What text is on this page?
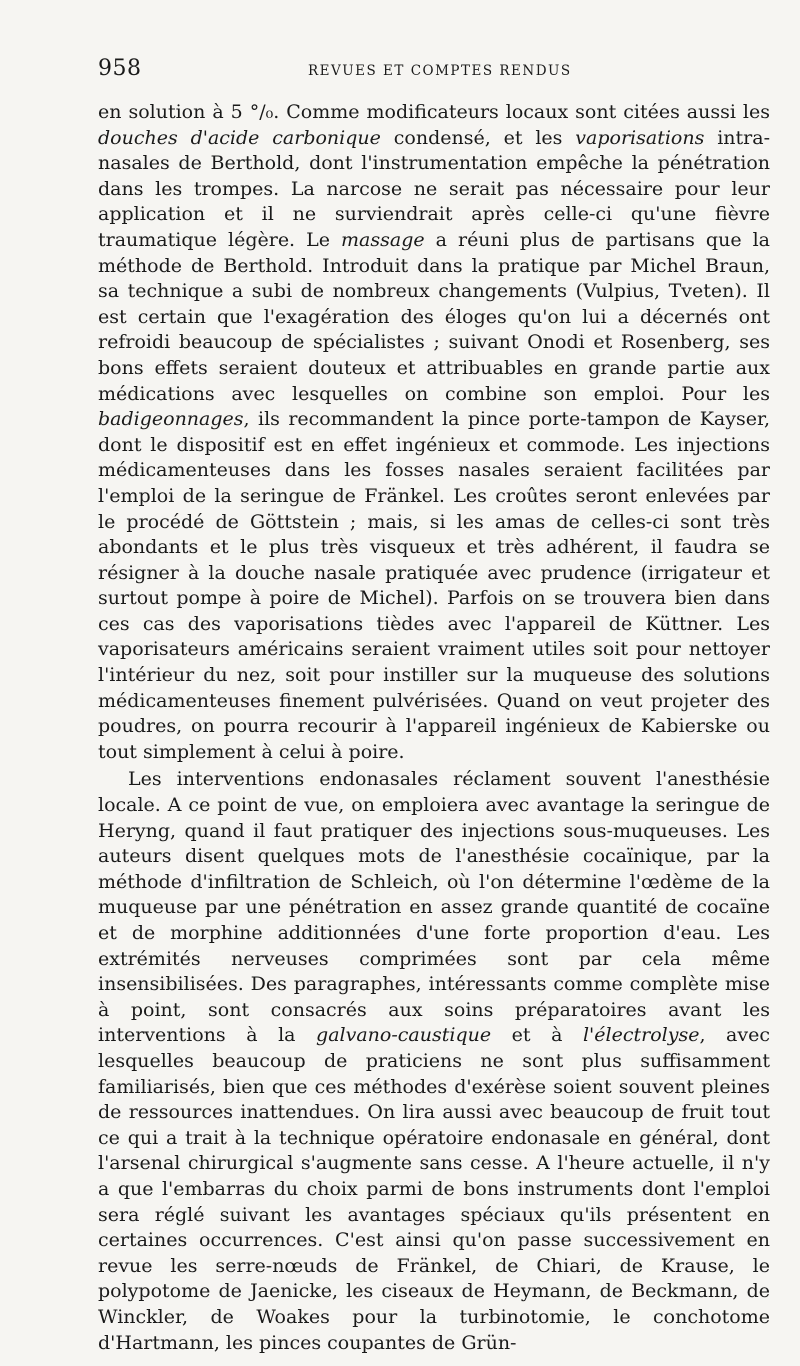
958	REVUES ET COMPTES RENDUS

en solution à 5 °/₀. Comme modificateurs locaux sont citées aussi les douches d'acide carbonique condensé, et les vaporisations intra-nasales de Berthold, dont l'instrumentation empêche la pénétration dans les trompes. La narcose ne serait pas nécessaire pour leur application et il ne surviendrait après celle-ci qu'une fièvre traumatique légère. Le massage a réuni plus de partisans que la méthode de Berthold. Introduit dans la pratique par Michel Braun, sa technique a subi de nombreux changements (Vulpius, Tveten). Il est certain que l'exagération des éloges qu'on lui a décernés ont refroidi beaucoup de spécialistes ; suivant Onodi et Rosenberg, ses bons effets seraient douteux et attribuables en grande partie aux médications avec lesquelles on combine son emploi. Pour les badigeonnages, ils recommandent la pince porte-tampon de Kayser, dont le dispositif est en effet ingénieux et commode. Les injections médicamenteuses dans les fosses nasales seraient facilitées par l'emploi de la seringue de Fränkel. Les croûtes seront enlevées par le procédé de Göttstein ; mais, si les amas de celles-ci sont très abondants et le plus très visqueux et très adhérent, il faudra se résigner à la douche nasale pratiquée avec prudence (irrigateur et surtout pompe à poire de Michel). Parfois on se trouvera bien dans ces cas des vaporisations tièdes avec l'appareil de Küttner. Les vaporisateurs américains seraient vraiment utiles soit pour nettoyer l'intérieur du nez, soit pour instiller sur la muqueuse des solutions médicamenteuses finement pulvérisées. Quand on veut projeter des poudres, on pourra recourir à l'appareil ingénieux de Kabierske ou tout simplement à celui à poire.

Les interventions endonasales réclament souvent l'anesthésie locale. A ce point de vue, on emploiera avec avantage la seringue de Heryng, quand il faut pratiquer des injections sous-muqueuses. Les auteurs disent quelques mots de l'anesthésie cocaïnique, par la méthode d'infiltration de Schleich, où l'on détermine l'œdème de la muqueuse par une pénétration en assez grande quantité de cocaïne et de morphine additionnées d'une forte proportion d'eau. Les extrémités nerveuses comprimées sont par cela même insensibilisées. Des paragraphes, intéressants comme complète mise à point, sont consacrés aux soins préparatoires avant les interventions à la galvano-caustique et à l'électrolyse, avec lesquelles beaucoup de praticiens ne sont plus suffisamment familiarisés, bien que ces méthodes d'exérèse soient souvent pleines de ressources inattendues. On lira aussi avec beaucoup de fruit tout ce qui a trait à la technique opératoire endonasale en général, dont l'arsenal chirurgical s'augmente sans cesse. A l'heure actuelle, il n'y a que l'embarras du choix parmi de bons instruments dont l'emploi sera réglé suivant les avantages spéciaux qu'ils présentent en certaines occurrences. C'est ainsi qu'on passe successivement en revue les serre-nœuds de Fränkel, de Chiari, de Krause, le polypotome de Jaenicke, les ciseaux de Heymann, de Beckmann, de Winckler, de Woakes pour la turbinotomie, le conchotome d'Hartmann, les pinces coupantes de Grün-
